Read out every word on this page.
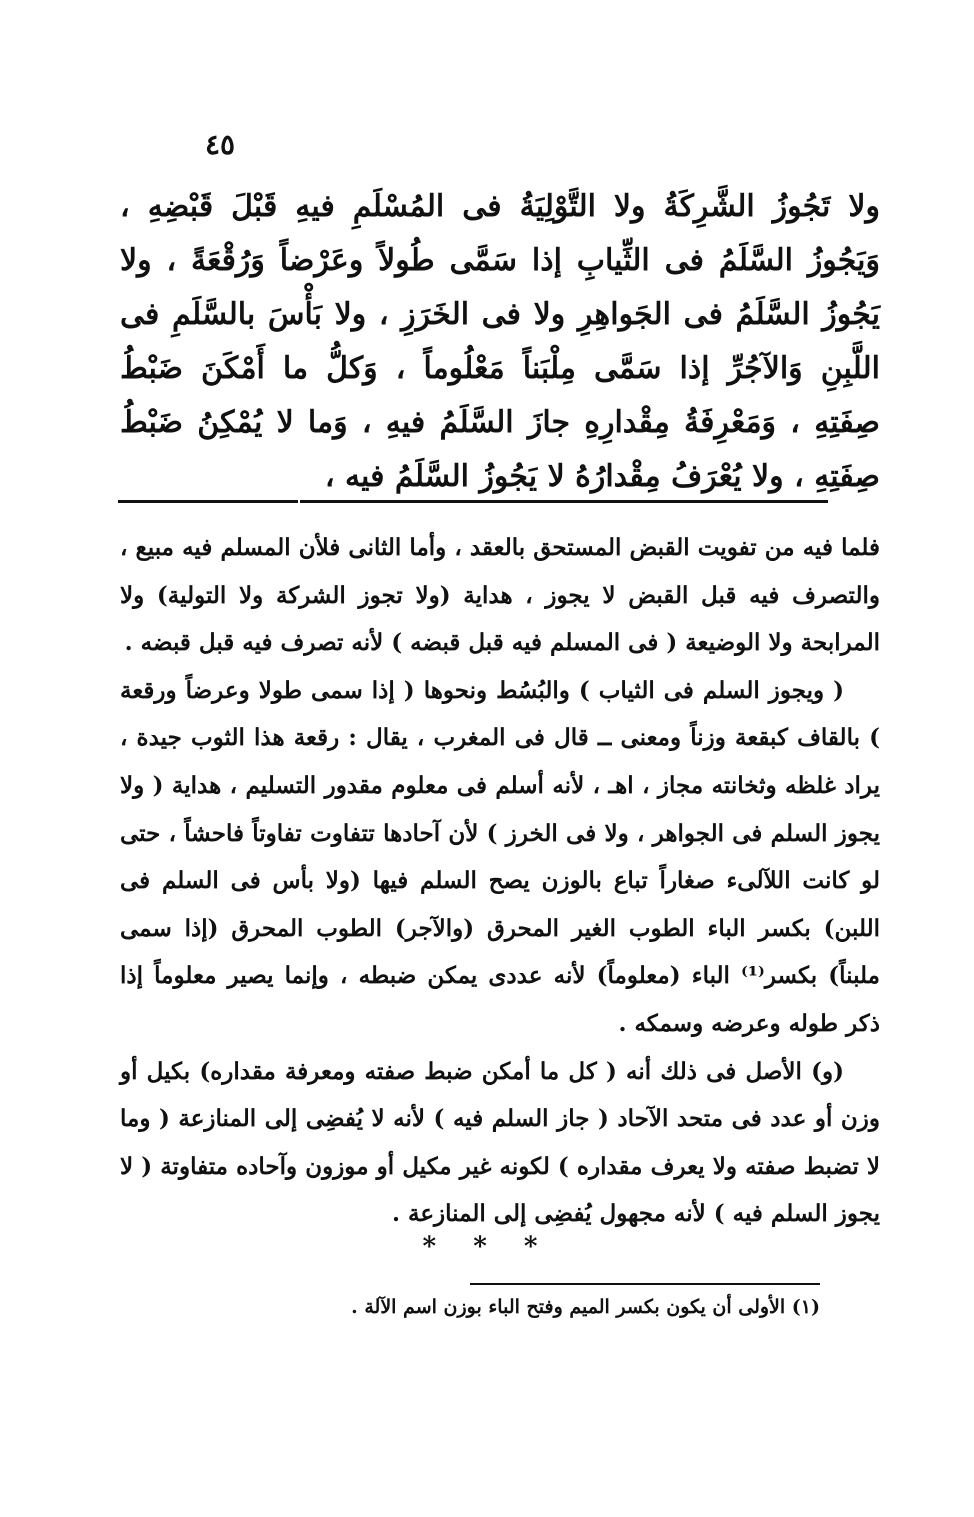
٤٥

ولا تَجُوزُ الشَّرِكَةُ ولا التَّوْلِيَةُ فى المُسْلَمِ فيهِ قَبْلَ قَبْضِهِ ، وَيَجُوزُ السَّلَمُ فى الثِّيابِ إذا سَمَّى طُولاً وعَرْضاً وَرُقْعَةً ، ولا يَجُوزُ السَّلَمُ فى الجَواهِرِ ولا فى الخَرَزِ ، ولا بَأْسَ بالسَّلَمِ فى اللَّبِنِ وَالآجُرِّ إذا سَمَّى مِلْبَناً مَعْلُوماً ، وَكلُّ ما أَمْكَنَ ضَبْطُ صِفَتِهِ ، وَمَعْرِفَةُ مِقْدارِهِ جازَ السَّلَمُ فيهِ ، وَما لا يُمْكِنُ ضَبْطُ صِفَتِهِ ، ولا يُعْرَفُ مِقْدارُهُ لا يَجُوزُ السَّلَمُ فيه ،

فلما فيه من تفويت القبض المستحق بالعقد ، وأما الثانى فلأن المسلم فيه مبيع ، والتصرف فيه قبل القبض لا يجوز ، هداية (ولا تجوز الشركة ولا التولية) ولا المرابحة ولا الوضيعة ( فى المسلم فيه قبل قبضه ) لأنه تصرف فيه قبل قبضه .

( ويجوز السلم فى الثياب ) والبُسُط ونحوها ( إذا سمى طولا وعرضاً ورقعة ) بالقاف كبقعة وزناً ومعنى ــ قال فى المغرب ، يقال : رقعة هذا الثوب جيدة ، يراد غلظه وثخانته مجاز ، اهـ ، لأنه أسلم فى معلوم مقدور التسليم ، هداية ( ولا يجوز السلم فى الجواهر ، ولا فى الخرز ) لأن آحادها تتفاوت تفاوتاً فاحشاً ، حتى لو كانت اللآلىء صغاراً تباع بالوزن يصح السلم فيها (ولا بأس فى السلم فى اللبن) بكسر الباء الطوب الغير المحرق (والآجر) الطوب المحرق (إذا سمى ملبناً) بكسر⁽¹⁾ الباء (معلوماً) لأنه عددى يمكن ضبطه ، وإنما يصير معلوماً إذا ذكر طوله وعرضه وسمكه .

(و) الأصل فى ذلك أنه ( كل ما أمكن ضبط صفته ومعرفة مقداره) بكيل أو وزن أو عدد فى متحد الآحاد ( جاز السلم فيه ) لأنه لا يُفضِى إلى المنازعة ( وما لا تضبط صفته ولا يعرف مقداره ) لكونه غير مكيل أو موزون وآحاده متفاوتة ( لا يجوز السلم فيه ) لأنه مجهول يُفضِى إلى المنازعة .

* * *
(١) الأولى أن يكون بكسر الميم وفتح الباء بوزن اسم الآلة .
